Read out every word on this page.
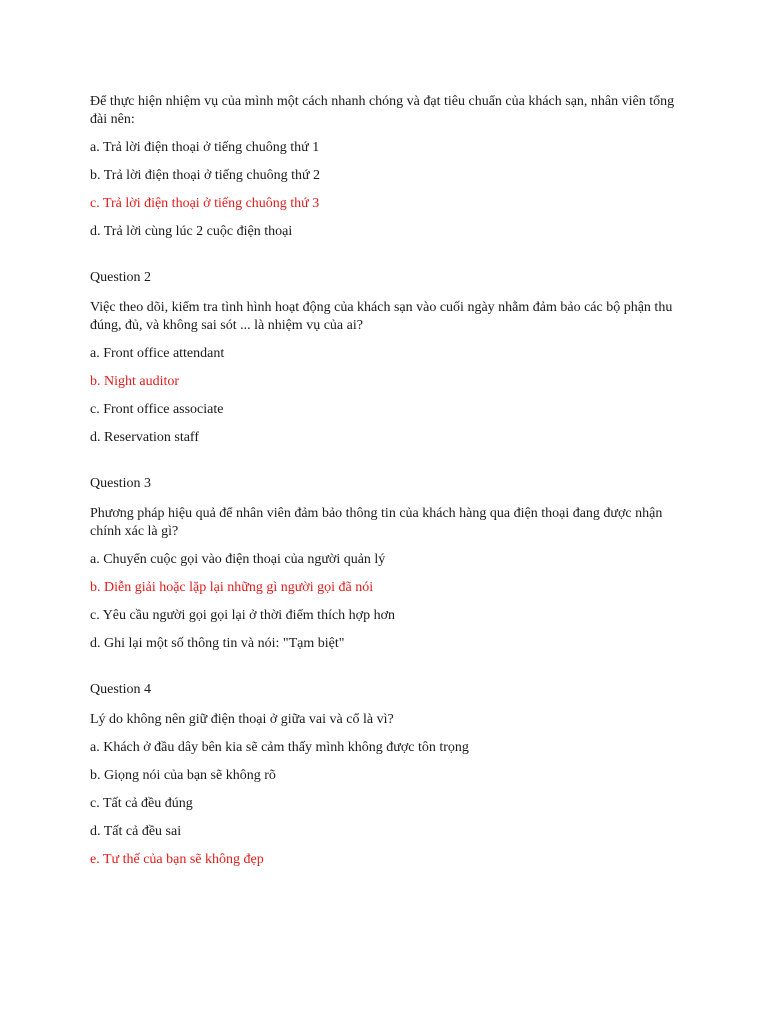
Để thực hiện nhiệm vụ của mình một cách nhanh chóng và đạt tiêu chuẩn của khách sạn, nhân viên tổng đài nên:

a. Trả lời điện thoại ở tiếng chuông thứ 1

b. Trả lời điện thoại ở tiếng chuông thứ 2

c. Trả lời điện thoại ở tiếng chuông thứ 3

d. Trả lời cùng lúc 2 cuộc điện thoại

Question 2

Việc theo dõi, kiểm tra tình hình hoạt động của khách sạn vào cuối ngày nhằm đảm bảo các bộ phận thu đúng, đủ, và không sai sót ... là nhiệm vụ của ai?

a. Front office attendant

b. Night auditor

c. Front office associate

d. Reservation staff

Question 3

Phương pháp hiệu quả để nhân viên đảm bảo thông tin của khách hàng qua điện thoại đang được nhận chính xác là gì?

a. Chuyển cuộc gọi vào điện thoại của người quản lý

b. Diễn giải hoặc lặp lại những gì người gọi đã nói

c. Yêu cầu người gọi gọi lại ở thời điểm thích hợp hơn

d. Ghi lại một số thông tin và nói: "Tạm biệt"

Question 4

Lý do không nên giữ điện thoại ở giữa vai và cổ là vì?

a. Khách ở đầu dây bên kia sẽ cảm thấy mình không được tôn trọng

b. Giọng nói của bạn sẽ không rõ

c. Tất cả đều đúng

d. Tất cả đều sai

e. Tư thế của bạn sẽ không đẹp
